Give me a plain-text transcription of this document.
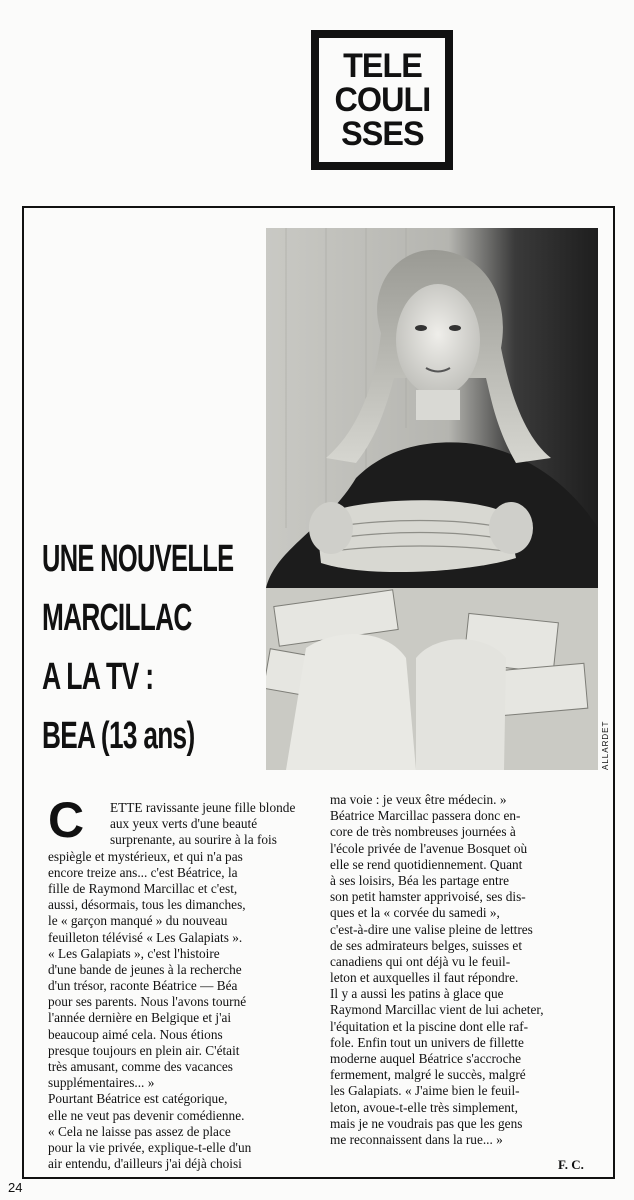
TELE
COULI
SSES
ALLARDET
UNE NOUVELLE
MARCILLAC
A LA TV :
BEA (13 ans)
C	ETTE ravissante jeune fille blonde
aux yeux verts d'une beauté
surprenante, au sourire à la fois
espiègle et mystérieux, et qui n'a pas
encore treize ans... c'est Béatrice, la
fille de Raymond Marcillac et c'est,
aussi, désormais, tous les dimanches,
le « garçon manqué » du nouveau
feuilleton télévisé « Les Galapiats ».
« Les Galapiats », c'est l'histoire
d'une bande de jeunes à la recherche
d'un trésor, raconte Béatrice — Béa
pour ses parents. Nous l'avons tourné
l'année dernière en Belgique et j'ai
beaucoup aimé cela. Nous étions
presque toujours en plein air. C'était
très amusant, comme des vacances
supplémentaires... »
Pourtant Béatrice est catégorique,
elle ne veut pas devenir comédienne.
« Cela ne laisse pas assez de place
pour la vie privée, explique-t-elle d'un
air entendu, d'ailleurs j'ai déjà choisi
ma voie : je veux être médecin. »
Béatrice Marcillac passera donc en-
core de très nombreuses journées à
l'école privée de l'avenue Bosquet où
elle se rend quotidiennement. Quant
à ses loisirs, Béa les partage entre
son petit hamster apprivoisé, ses dis-
ques et la « corvée du samedi »,
c'est-à-dire une valise pleine de lettres
de ses admirateurs belges, suisses et
canadiens qui ont déjà vu le feuil-
leton et auxquelles il faut répondre.
Il y a aussi les patins à glace que
Raymond Marcillac vient de lui acheter,
l'équitation et la piscine dont elle raf-
fole. Enfin tout un univers de fillette
moderne auquel Béatrice s'accroche
fermement, malgré le succès, malgré
les Galapiats. « J'aime bien le feuil-
leton, avoue-t-elle très simplement,
mais je ne voudrais pas que les gens
me reconnaissent dans la rue... »
F. C.
24
